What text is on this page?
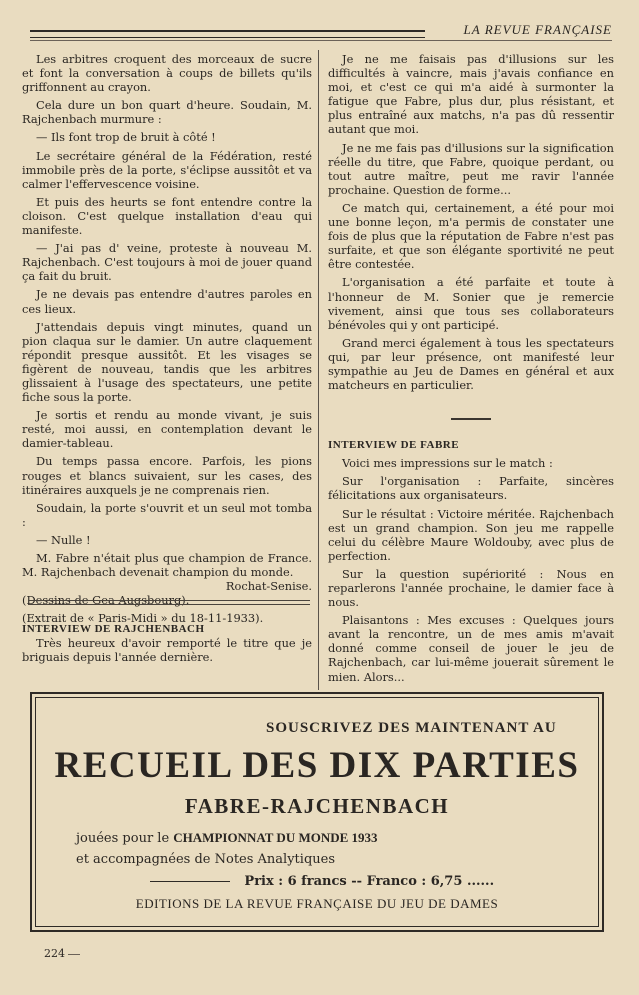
LA REVUE FRANÇAISE

Les arbitres croquent des morceaux de sucre et font la conversation à coups de billets qu'ils griffonnent au crayon.

Cela dure un bon quart d'heure. Soudain, M. Rajchenbach murmure :

— Ils font trop de bruit à côté !

Le secrétaire général de la Fédération, resté immobile près de la porte, s'éclipse aussitôt et va calmer l'effervescence voisine.

Et puis des heurts se font entendre contre la cloison. C'est quelque installation d'eau qui manifeste.

— J'ai pas d' veine, proteste à nouveau M. Rajchenbach. C'est toujours à moi de jouer quand ça fait du bruit.

Je ne devais pas entendre d'autres paroles en ces lieux.

J'attendais depuis vingt minutes, quand un pion claqua sur le damier. Un autre claquement répondit presque aussitôt. Et les visages se figèrent de nouveau, tandis que les arbitres glissaient à l'usage des spectateurs, une petite fiche sous la porte.

Je sortis et rendu au monde vivant, je suis resté, moi aussi, en contemplation devant le damier-tableau.

Du temps passa encore. Parfois, les pions rouges et blancs suivaient, sur les cases, des itinéraires auxquels je ne comprenais rien.

Soudain, la porte s'ouvrit et un seul mot tomba :

— Nulle !

M. Fabre n'était plus que champion de France. M. Rajchenbach devenait champion du monde.

Rochat-Senise.

(Dessins de Gea Augsbourg).

(Extrait de « Paris-Midi » du 18-11-1933).

INTERVIEW DE RAJCHENBACH

Très heureux d'avoir remporté le titre que je briguais depuis l'année dernière.

Je ne me faisais pas d'illusions sur les difficultés à vaincre, mais j'avais confiance en moi, et c'est ce qui m'a aidé à surmonter la fatigue que Fabre, plus dur, plus résistant, et plus entraîné aux matchs, n'a pas dû ressentir autant que moi.

Je ne me fais pas d'illusions sur la signification réelle du titre, que Fabre, quoique perdant, ou tout autre maître, peut me ravir l'année prochaine. Question de forme...

Ce match qui, certainement, a été pour moi une bonne leçon, m'a permis de constater une fois de plus que la réputation de Fabre n'est pas surfaite, et que son élégante sportivité ne peut être contestée.

L'organisation a été parfaite et toute à l'honneur de M. Sonier que je remercie vivement, ainsi que tous ses collaborateurs bénévoles qui y ont participé.

Grand merci également à tous les spectateurs qui, par leur présence, ont manifesté leur sympathie au Jeu de Dames en général et aux matcheurs en particulier.

INTERVIEW DE FABRE

Voici mes impressions sur le match :

Sur l'organisation : Parfaite, sincères félicitations aux organisateurs.

Sur le résultat : Victoire méritée. Rajchenbach est un grand champion. Son jeu me rappelle celui du célèbre Maure Woldouby, avec plus de perfection.

Sur la question supériorité : Nous en reparlerons l'année prochaine, le damier face à nous.

Plaisantons : Mes excuses : Quelques jours avant la rencontre, un de mes amis m'avait donné comme conseil de jouer le jeu de Rajchenbach, car lui-même jouerait sûrement le mien. Alors...

SOUSCRIVEZ DES MAINTENANT AU

RECUEIL DES DIX PARTIES

FABRE-RAJCHENBACH

jouées pour le CHAMPIONNAT DU MONDE 1933

et accompagnées de Notes Analytiques

Prix : 6 francs -- Franco : 6,75 ......

EDITIONS DE LA REVUE FRANÇAISE DU JEU DE DAMES

224
